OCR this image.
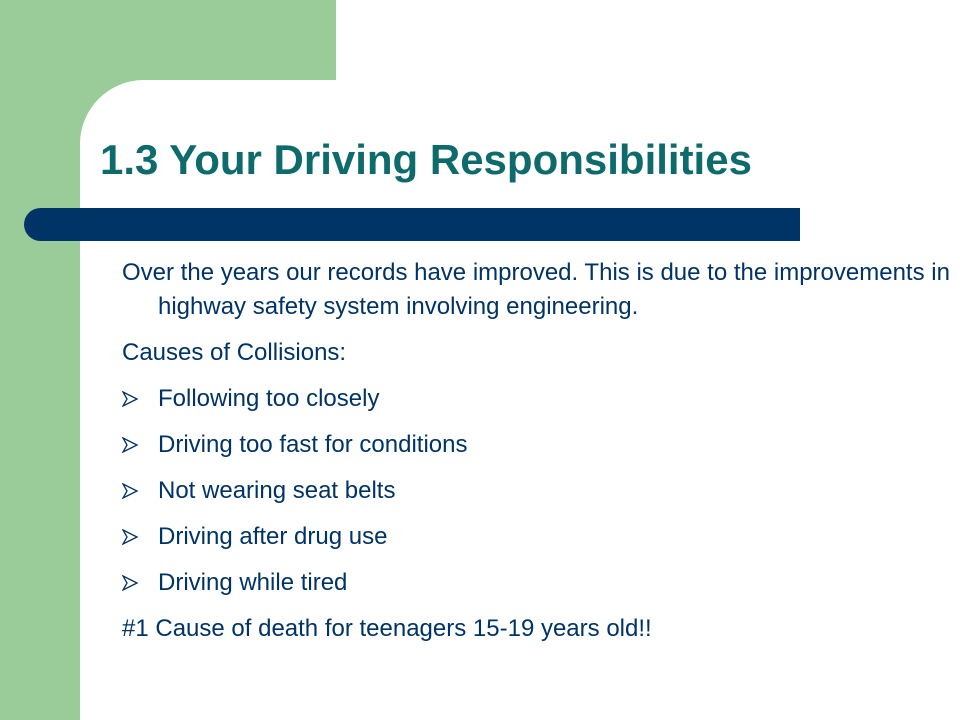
1.3 Your Driving Responsibilities

Over the years our records have improved. This is due to the improvements in highway safety system involving engineering.

Causes of Collisions:

Following too closely
Driving too fast for conditions
Not wearing seat belts
Driving after drug use
Driving while tired

#1 Cause of death for teenagers 15-19 years old!!
